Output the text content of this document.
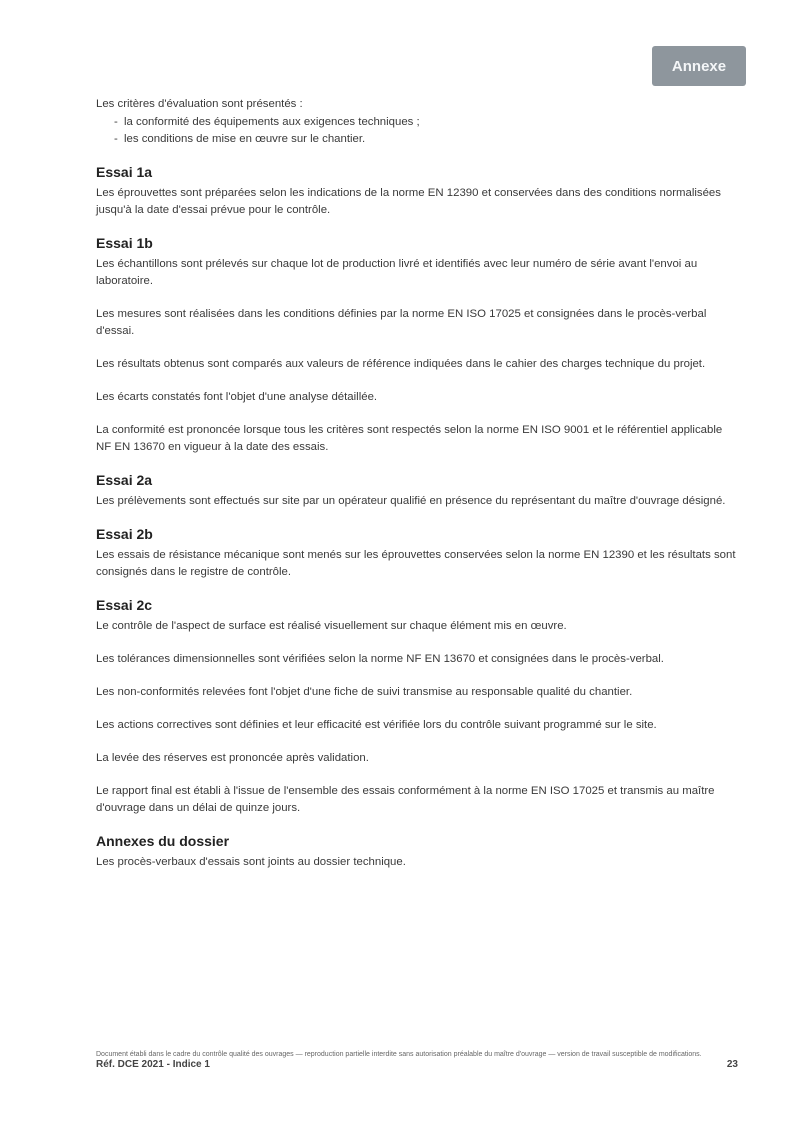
Annexe

Les critères d'évaluation sont présentés :

- la conformité des équipements aux exigences techniques ;
- les conditions de mise en œuvre sur le chantier.
Essai 1a

Les éprouvettes sont préparées selon les indications de la norme EN 12390 et conservées dans des conditions normalisées jusqu'à la date d'essai prévue pour le contrôle.

Essai 1b

Les échantillons sont prélevés sur chaque lot de production livré et identifiés avec leur numéro de série avant l'envoi au laboratoire.

Les mesures sont réalisées dans les conditions définies par la norme EN ISO 17025 et consignées dans le procès-verbal d'essai.

Les résultats obtenus sont comparés aux valeurs de référence indiquées dans le cahier des charges technique du projet.

Les écarts constatés font l'objet d'une analyse détaillée.

La conformité est prononcée lorsque tous les critères sont respectés selon la norme EN ISO 9001 et le référentiel applicable NF EN 13670 en vigueur à la date des essais.

Essai 2a

Les prélèvements sont effectués sur site par un opérateur qualifié en présence du représentant du maître d'ouvrage désigné.

Essai 2b

Les essais de résistance mécanique sont menés sur les éprouvettes conservées selon la norme EN 12390 et les résultats sont consignés dans le registre de contrôle.

Essai 2c

Le contrôle de l'aspect de surface est réalisé visuellement sur chaque élément mis en œuvre.

Les tolérances dimensionnelles sont vérifiées selon la norme NF EN 13670 et consignées dans le procès-verbal.

Les non-conformités relevées font l'objet d'une fiche de suivi transmise au responsable qualité du chantier.

Les actions correctives sont définies et leur efficacité est vérifiée lors du contrôle suivant programmé sur le site.

La levée des réserves est prononcée après validation.

Le rapport final est établi à l'issue de l'ensemble des essais conformément à la norme EN ISO 17025 et transmis au maître d'ouvrage dans un délai de quinze jours.

Annexes du dossier

Les procès-verbaux d'essais sont joints au dossier technique.

Document établi dans le cadre du contrôle qualité des ouvrages — reproduction partielle interdite sans autorisation préalable du maître d'ouvrage — version de travail susceptible de modifications.
Réf. DCE 2021 - Indice 1	23
